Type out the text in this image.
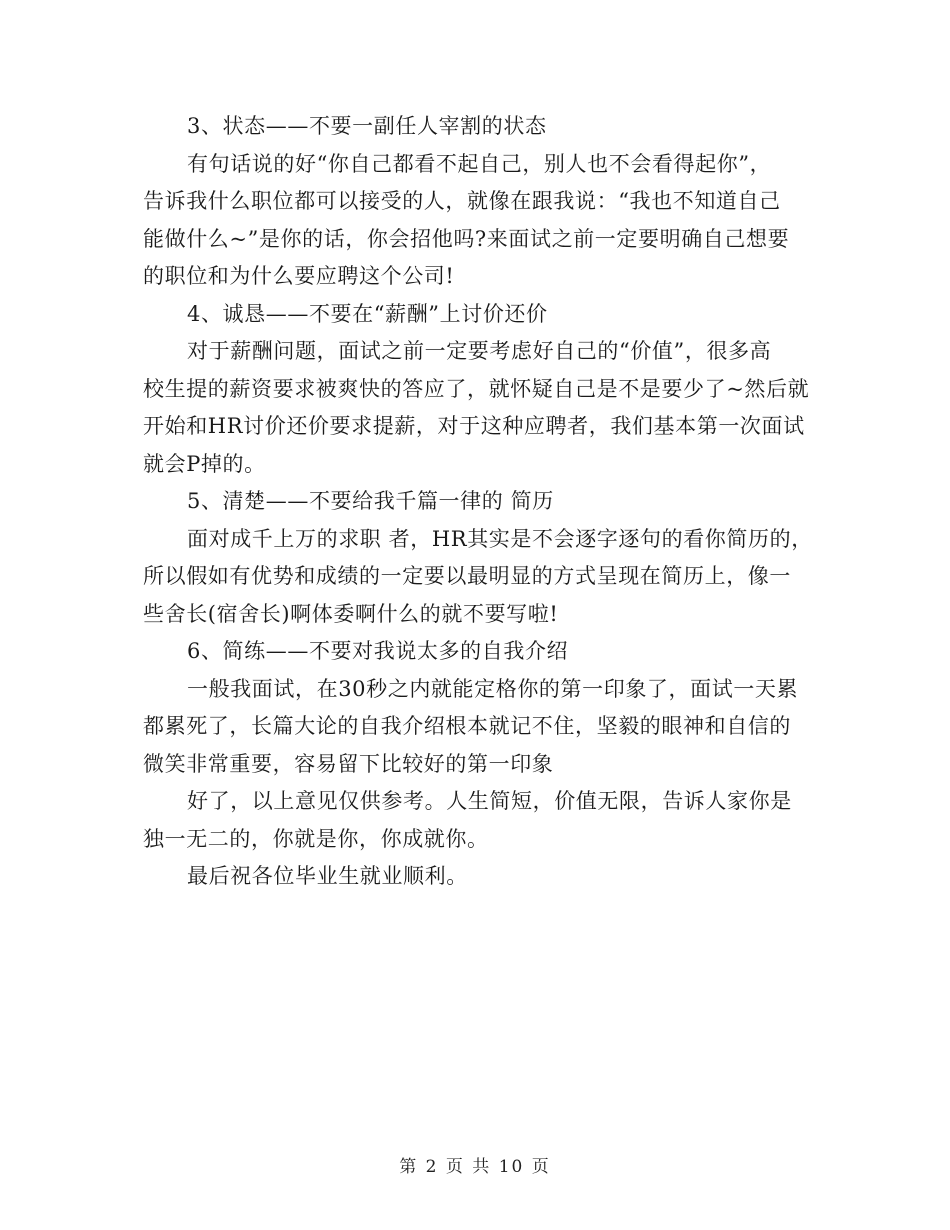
3、状态——不要一副任人宰割的状态
有句话说的好“你自己都看不起自己，别人也不会看得起你”，
告诉我什么职位都可以接受的人，就像在跟我说：“我也不知道自己
能做什么~”是你的话，你会招他吗?来面试之前一定要明确自己想要
的职位和为什么要应聘这个公司!
4、诚恳——不要在“薪酬”上讨价还价
对于薪酬问题，面试之前一定要考虑好自己的“价值”，很多高
校生提的薪资要求被爽快的答应了，就怀疑自己是不是要少了~然后就
开始和HR讨价还价要求提薪，对于这种应聘者，我们基本第一次面试
就会P掉的。
5、清楚——不要给我千篇一律的 简历
面对成千上万的求职 者，HR其实是不会逐字逐句的看你简历的，
所以假如有优势和成绩的一定要以最明显的方式呈现在简历上，像一
些舍长(宿舍长)啊体委啊什么的就不要写啦!
6、简练——不要对我说太多的自我介绍
一般我面试，在30秒之内就能定格你的第一印象了，面试一天累
都累死了，长篇大论的自我介绍根本就记不住，坚毅的眼神和自信的
微笑非常重要，容易留下比较好的第一印象
好了，以上意见仅供参考。人生简短，价值无限，告诉人家你是
独一无二的，你就是你，你成就你。
最后祝各位毕业生就业顺利。
第 2 页 共 10 页
